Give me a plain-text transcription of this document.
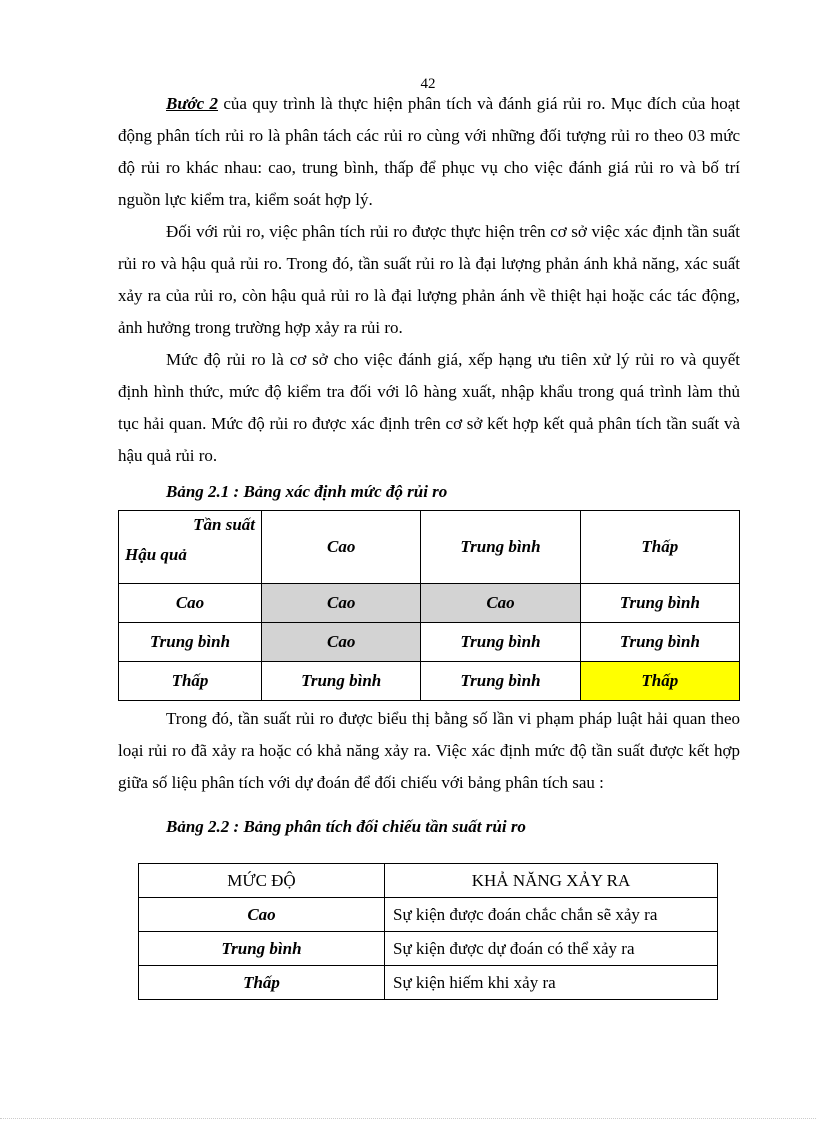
42

Bước 2 của quy trình là thực hiện phân tích và đánh giá rủi ro. Mục đích của hoạt động phân tích rủi ro là phân tách các rủi ro cùng với những đối tượng rủi ro theo 03 mức độ rủi ro khác nhau: cao, trung bình, thấp để phục vụ cho việc đánh giá rủi ro và bố trí nguồn lực kiểm tra, kiểm soát hợp lý.

Đối với rủi ro, việc phân tích rủi ro được thực hiện trên cơ sở việc xác định tần suất rủi ro và hậu quả rủi ro. Trong đó, tần suất rủi ro là đại lượng phản ánh khả năng, xác suất xảy ra của rủi ro, còn hậu quả rủi ro là đại lượng phản ánh về thiệt hại hoặc các tác động, ảnh hưởng trong trường hợp xảy ra rủi ro.

Mức độ rủi ro là cơ sở cho việc đánh giá, xếp hạng ưu tiên xử lý rủi ro và quyết định hình thức, mức độ kiểm tra đối với lô hàng xuất, nhập khẩu trong quá trình làm thủ tục hải quan. Mức độ rủi ro được xác định trên cơ sở kết hợp kết quả phân tích tần suất và hậu quả rủi ro.

Bảng 2.1 : Bảng xác định mức độ rủi ro
Tần suất
Hậu quả	Cao	Trung bình	Thấp
Cao	Cao	Cao	Trung bình
Trung bình	Cao	Trung bình	Trung bình
Thấp	Trung bình	Trung bình	Thấp

Trong đó, tần suất rủi ro được biểu thị bằng số lần vi phạm pháp luật hải quan theo loại rủi ro đã xảy ra hoặc có khả năng xảy ra. Việc xác định mức độ tần suất được kết hợp giữa số liệu phân tích với dự đoán để đối chiếu với bảng phân tích sau :

Bảng 2.2 : Bảng phân tích đối chiếu tần suất rủi ro
MỨC ĐỘ	KHẢ NĂNG XẢY RA
Cao	Sự kiện được đoán chắc chắn sẽ xảy ra
Trung bình	Sự kiện được dự đoán có thể xảy ra
Thấp	Sự kiện hiếm khi xảy ra
